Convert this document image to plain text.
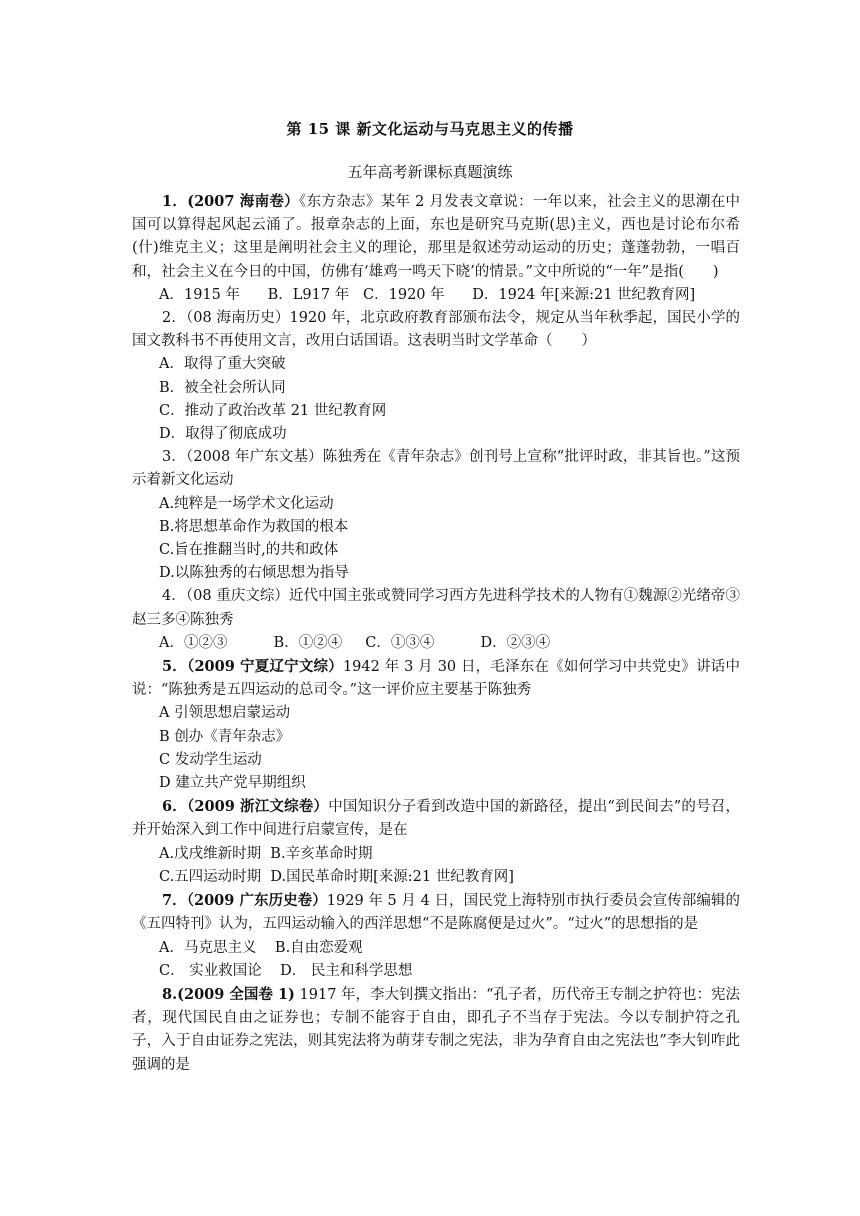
第 15 课 新文化运动与马克思主义的传播
五年高考新课标真题演练

1．(2007 海南卷）《东方杂志》某年 2 月发表文章说：一年以来，社会主义的思潮在中国可以算得起风起云涌了。报章杂志的上面，东也是研究马克斯(思)主义，西也是讨论布尔希(什)维克主义；这里是阐明社会主义的理论，那里是叙述劳动运动的历史；蓬蓬勃勃，一唱百和，社会主义在今日的中国，仿佛有‘雄鸡一鸣天下晓’的情景。”文中所说的“一年”是指(　　)

A．1915 年      B．L917 年   C．1920 年      D．1924 年[来源:21 世纪教育网]

2．（08 海南历史）1920 年，北京政府教育部颁布法令，规定从当年秋季起，国民小学的国文教科书不再使用文言，改用白话国语。这表明当时文学革命（　　）

A．取得了重大突破

B．被全社会所认同

C．推动了政治改革 21 世纪教育网

D．取得了彻底成功

3．（2008 年广东文基）陈独秀在《青年杂志》创刊号上宣称“批评时政，非其旨也。”这预示着新文化运动

A.纯粹是一场学术文化运动

B.将思想革命作为救国的根本

C.旨在推翻当时,的共和政体

D.以陈独秀的右倾思想为指导

4．（08 重庆文综）近代中国主张或赞同学习西方先进科学技术的人物有①魏源②光绪帝③赵三多④陈独秀

A．①②③          B．①②④     C．①③④          D．②③④

5．（2009 宁夏辽宁文综）1942 年 3 月 30 日，毛泽东在《如何学习中共党史》讲话中说：“陈独秀是五四运动的总司令。”这一评价应主要基于陈独秀

A 引领思想启蒙运动

B 创办《青年杂志》

C 发动学生运动

D 建立共产党早期组织

6．（2009 浙江文综卷）中国知识分子看到改造中国的新路径，提出“到民间去”的号召，并开始深入到工作中间进行启蒙宣传，是在

A.戊戌维新时期  B.辛亥革命时期

C.五四运动时期  D.国民革命时期[来源:21 世纪教育网]

7．（2009 广东历史卷）1929 年 5 月 4 日，国民党上海特别市执行委员会宣传部编辑的《五四特刊》认为，五四运动输入的西洋思想“不是陈腐便是过火”。“过火”的思想指的是

A．马克思主义    B.自由恋爱观

C． 实业救国论    D． 民主和科学思想

8.(2009 全国卷 1) 1917 年，李大钊撰文指出：“孔子者，历代帝王专制之护符也：宪法者，现代国民自由之证券也；专制不能容于自由，即孔子不当存于宪法。今以专制护符之孔子，入于自由证券之宪法，则其宪法将为萌芽专制之宪法，非为孕育自由之宪法也”李大钊咋此强调的是
